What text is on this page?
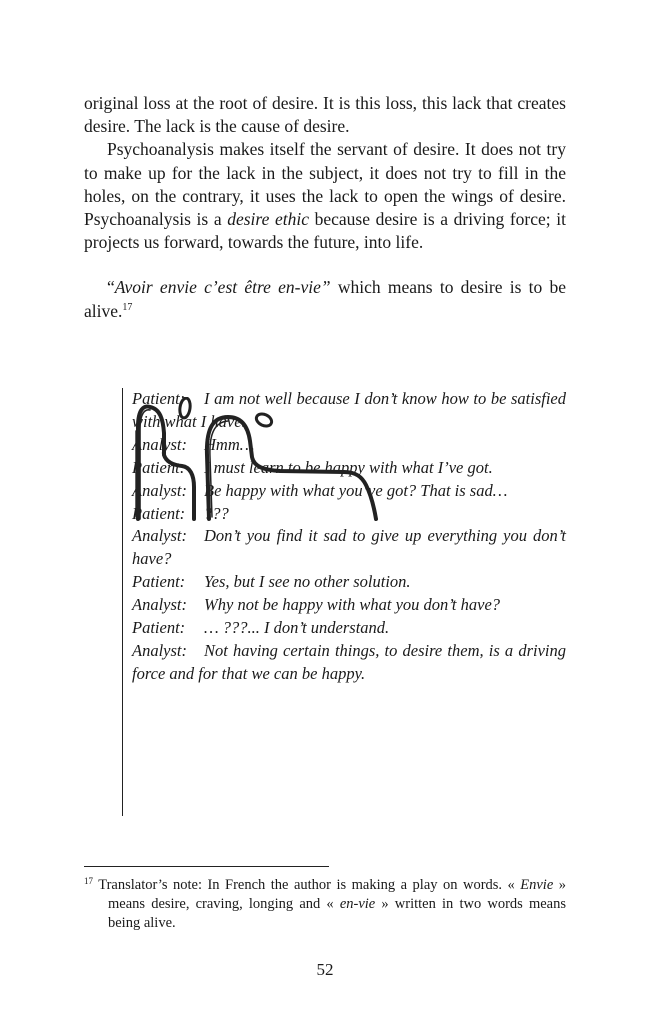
original loss at the root of desire. It is this loss, this lack that creates desire. The lack is the cause of desire.

Psychoanalysis makes itself the servant of desire. It does not try to make up for the lack in the subject, it does not try to fill in the holes, on the contrary, it uses the lack to open the wings of desire. Psychoanalysis is a desire ethic because desire is a driving force; it projects us forward, towards the future, into life.

“Avoir envie c’est être en-vie” which means to desire is to be alive.$^{17}$

Patient: I am not well because I don’t know how to be satisfied with what I have.

Analyst: Hmm…

Patient: I must learn to be happy with what I’ve got.

Analyst: Be happy with what you’ve got? That is sad…

Patient: ???

Analyst: Don’t you find it sad to give up everything you don’t have?

Patient: Yes, but I see no other solution.

Analyst: Why not be happy with what you don’t have?

Patient: … ???... I don’t understand.

Analyst: Not having certain things, to desire them, is a driving force and for that we can be happy.

$^{17}$ Translator’s note: In French the author is making a play on words. « Envie » means desire, craving, longing and « en-vie » written in two words means being alive.

52
